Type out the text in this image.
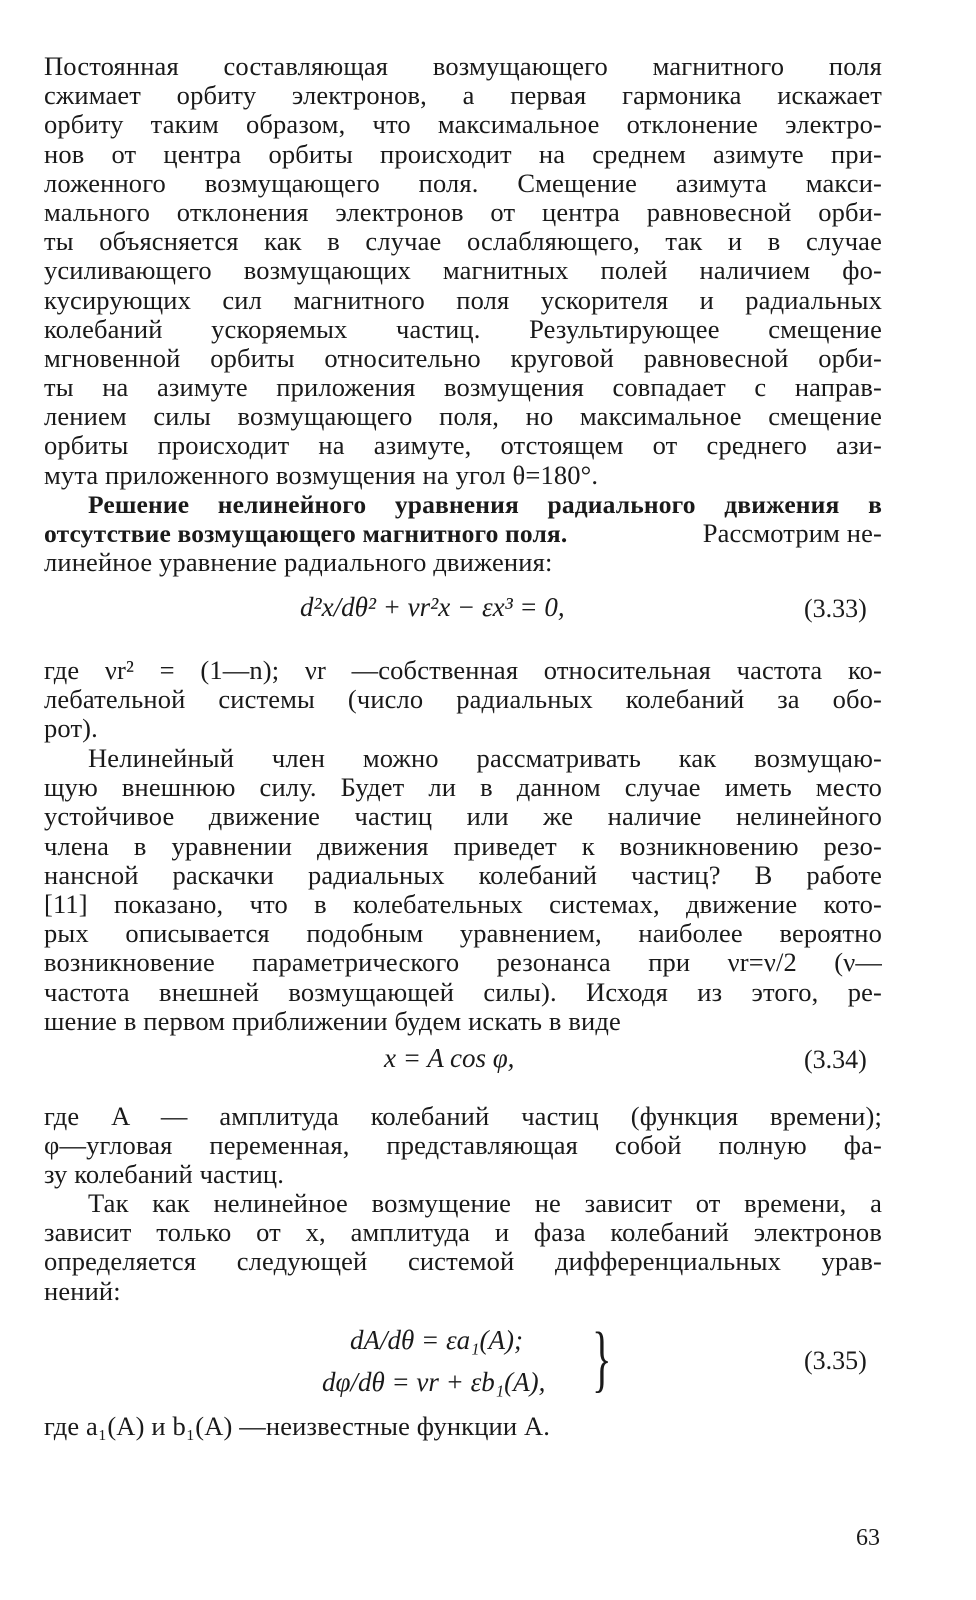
Постоянная составляющая возмущающего магнитного поля
сжимает орбиту электронов, а первая гармоника искажает
орбиту таким образом, что максимальное отклонение электро-
нов от центра орбиты происходит на среднем азимуте при-
ложенного возмущающего поля. Смещение азимута макси-
мального отклонения электронов от центра равновесной орби-
ты объясняется как в случае ослабляющего, так и в случае
усиливающего возмущающих магнитных полей наличием фо-
кусирующих сил магнитного поля ускорителя и радиальных
колебаний ускоряемых частиц. Результирующее смещение
мгновенной орбиты относительно круговой равновесной орби-
ты на азимуте приложения возмущения совпадает с направ-
лением силы возмущающего поля, но максимальное смещение
орбиты происходит на азимуте, отстоящем от среднего ази-
мута приложенного возмущения на угол θ=180°.
Решение нелинейного уравнения радиального движения в
отсутствие возмущающего магнитного поля.	Рассмотрим не-
линейное уравнение радиального движения:
d²x/dθ² + νr²x − εx³ = 0,	(3.33)
где νr² = (1—n); νr —собственная относительная частота ко-
лебательной системы (число радиальных колебаний за обо-
рот).
Нелинейный член можно рассматривать как возмущаю-
щую внешнюю силу. Будет ли в данном случае иметь место
устойчивое движение частиц или же наличие нелинейного
члена в уравнении движения приведет к возникновению резо-
нансной раскачки радиальных колебаний частиц? В работе
[11] показано, что в колебательных системах, движение кото-
рых описывается подобным уравнением, наиболее вероятно
возникновение параметрического резонанса при νr=ν/2 (ν—
частота внешней возмущающей силы). Исходя из этого, ре-
шение в первом приближении будем искать в виде
x = A cos φ,	(3.34)
где A — амплитуда колебаний частиц (функция времени);
φ—угловая переменная, представляющая собой полную фа-
зу колебаний частиц.
Так как нелинейное возмущение не зависит от времени, а
зависит только от x, амплитуда и фаза колебаний электронов
определяется следующей системой дифференциальных урав-
нений:
dA/dθ = εa₁(A);
dφ/dθ = νr + εb₁(A), }	(3.35)
где a₁(A) и b₁(A) —неизвестные функции A.
63
